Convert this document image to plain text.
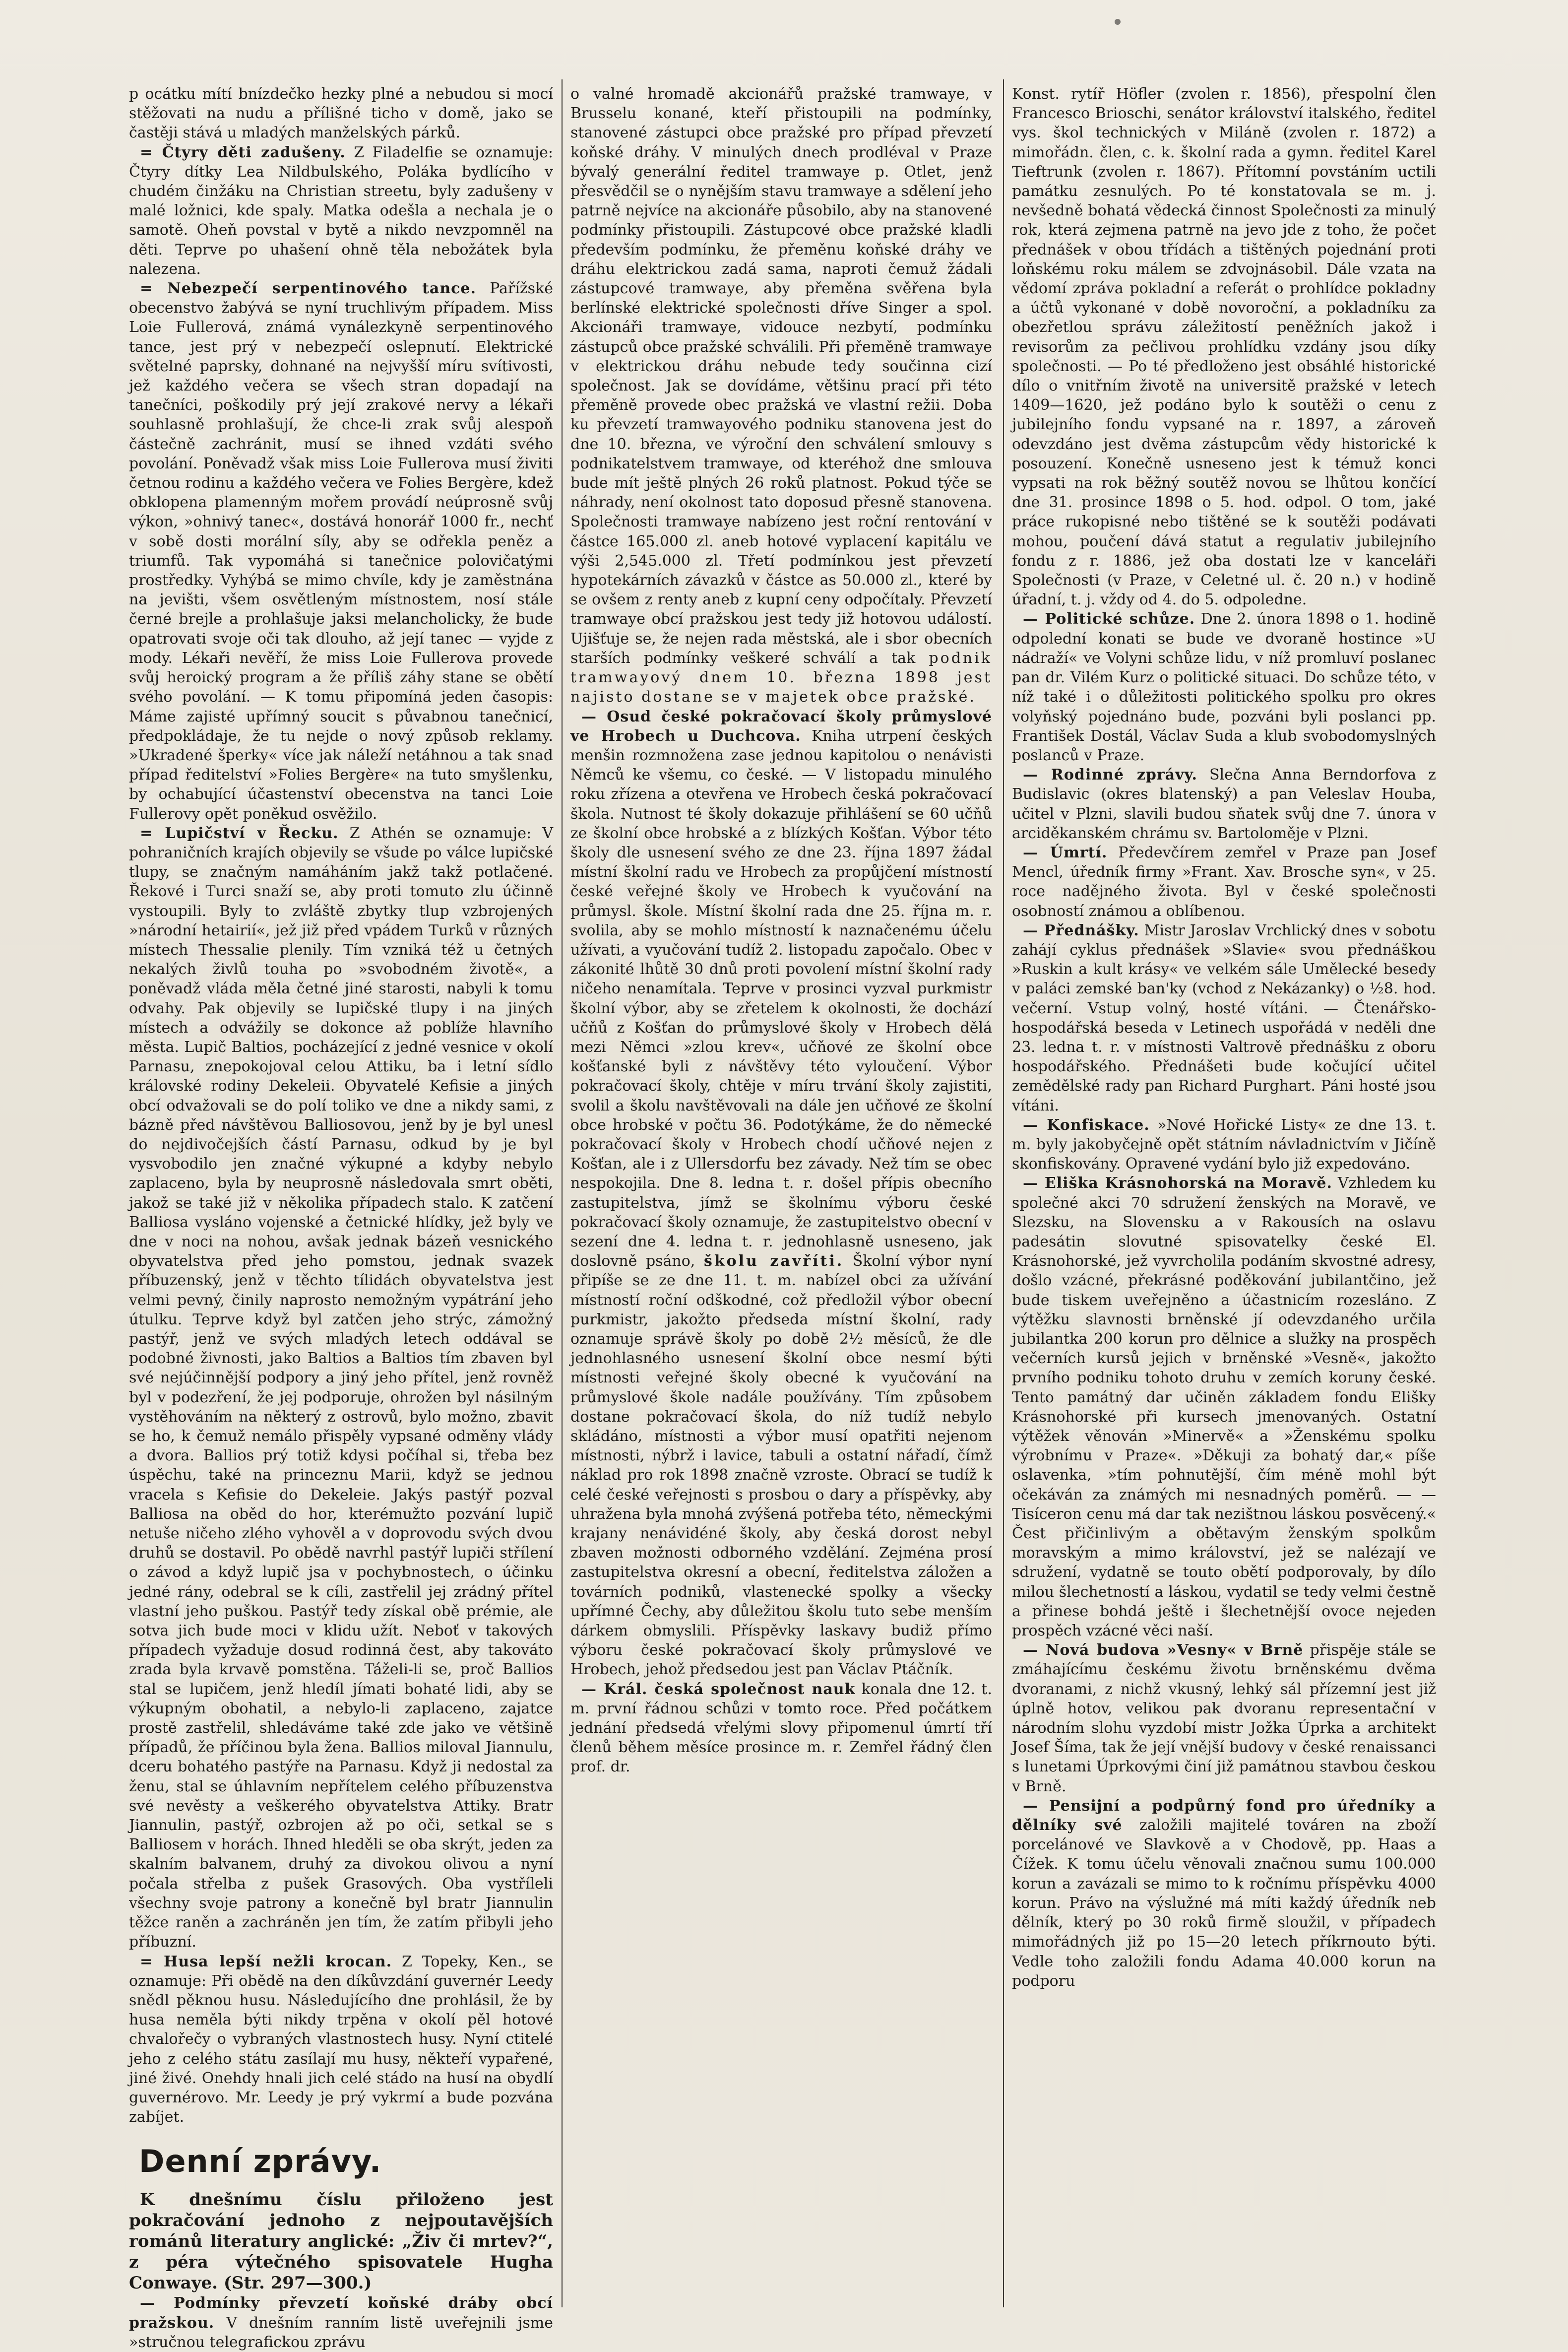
p ocátku mítí bnízdečko hezky plné a nebudou si mocí stěžovati na nudu a přílišné ticho v domě, jako se častěji stává u mladých manželských párků.

= Čtyry děti zadušeny. Z Filadelfie se oznamuje: Čtyry dítky Lea Nildbulského, Poláka bydlícího v chudém činžáku na Christian streetu, byly zadušeny v malé ložnici, kde spaly. Matka odešla a nechala je o samotě. Oheň povstal v bytě a nikdo nevzpomněl na děti. Teprve po uhašení ohně těla nebožátek byla nalezena.

= Nebezpečí serpentinového tance. Pařížské obecenstvo žabývá se nyní truchlivým případem. Miss Loie Fullerová, známá vynálezkyně serpentinového tance, jest prý v nebezpečí oslepnutí. Elektrické světelné paprsky, dohnané na nejvyšší míru svítivosti, jež každého večera se všech stran dopadají na tanečníci, poškodily prý její zrakové nervy a lékaři souhlasně prohlašují, že chce-li zrak svůj alespoň částečně zachránit, musí se ihned vzdáti svého povolání. Poněvadž však miss Loie Fullerova musí živiti četnou rodinu a každého večera ve Folies Bergère, kdež obklopena plamenným mořem provádí neúprosně svůj výkon, »ohnivý tanec«, dostává honorář 1000 fr., nechť v sobě dosti morální síly, aby se odřekla peněz a triumfů. Tak vypomáhá si tanečnice polovičatými prostředky. Vyhýbá se mimo chvíle, kdy je zaměstnána na jevišti, všem osvětleným místnostem, nosí stále černé brejle a prohlašuje jaksi melancholicky, že bude opatrovati svoje oči tak dlouho, až její tanec — vyjde z mody. Lékaři nevěří, že miss Loie Fullerova provede svůj heroický program a že příliš záhy stane se obětí svého povolání. — K tomu připomíná jeden časopis: Máme zajisté upřímný soucit s půvabnou tanečnicí, předpokládaje, že tu nejde o nový způsob reklamy. »Ukradené šperky« více jak náleží netáhnou a tak snad případ ředitelství »Folies Bergère« na tuto smyšlenku, by ochabující účastenství obecenstva na tanci Loie Fullerovy opět poněkud osvěžilo.

= Lupičství v Řecku. Z Athén se oznamuje: V pohraničních krajích objevily se všude po válce lupičské tlupy, se značným namáháním jakž takž potlačené. Řekové i Turci snaží se, aby proti tomuto zlu účinně vystoupili. Byly to zvláště zbytky tlup vzbrojených »národní hetairií«, jež již před vpádem Turků v různých místech Thessalie plenily. Tím vzniká též u četných nekalých živlů touha po »svobodném životě«, a poněvadž vláda měla četné jiné starosti, nabyli k tomu odvahy. Pak objevily se lupičské tlupy i na jiných místech a odvážily se dokonce až poblíže hlavního města. Lupič Baltios, pocházející z jedné vesnice v okolí Parnasu, znepokojoval celou Attiku, ba i letní sídlo královské rodiny Dekeleii. Obyvatelé Kefisie a jiných obcí odvažovali se do polí toliko ve dne a nikdy sami, z bázně před návštěvou Balliosovou, jenž by je byl unesl do nejdivočejších částí Parnasu, odkud by je byl vysvobodilo jen značné výkupné a kdyby nebylo zaplaceno, byla by neuprosně následovala smrt oběti, jakož se také již v několika případech stalo. K zatčení Balliosa vysláno vojenské a četnické hlídky, jež byly ve dne v noci na nohou, avšak jednak bázeň vesnického obyvatelstva před jeho pomstou, jednak svazek příbuzenský, jenž v těchto tílidách obyvatelstva jest velmi pevný, činily naprosto nemožným vypátrání jeho útulku. Teprve když byl zatčen jeho strýc, zámožný pastýř, jenž ve svých mladých letech oddával se podobné živnosti, jako Baltios a Baltios tím zbaven byl své nejúčinnější podpory a jiný jeho přítel, jenž rovněž byl v podezření, že jej podporuje, ohrožen byl násilným vystěhováním na některý z ostrovů, bylo možno, zbavit se ho, k čemuž nemálo přispěly vypsané odměny vlády a dvora. Ballios prý totiž kdysi počíhal si, třeba bez úspěchu, také na princeznu Marii, když se jednou vracela s Kefisie do Dekeleie. Jakýs pastýř pozval Balliosa na oběd do hor, kterémužto pozvání lupič netuše ničeho zlého vyhověl a v doprovodu svých dvou druhů se dostavil. Po obědě navrhl pastýř lupiči střílení o závod a když lupič jsa v pochybnostech, o účinku jedné rány, odebral se k cíli, zastřelil jej zrádný přítel vlastní jeho puškou. Pastýř tedy získal obě prémie, ale sotva jich bude moci v klidu užít. Neboť v takových případech vyžaduje dosud rodinná čest, aby takováto zrada byla krvavě pomstěna. Táželi-li se, proč Ballios stal se lupičem, jenž hledíl jímati bohaté lidi, aby se výkupným obohatil, a nebylo-li zaplaceno, zajatce prostě zastřelil, shledáváme také zde jako ve většině případů, že příčinou byla žena. Ballios miloval Jiannulu, dceru bohatého pastýře na Parnasu. Když ji nedostal za ženu, stal se úhlavním nepřítelem celého příbuzenstva své nevěsty a veškerého obyvatelstva Attiky. Bratr Jiannulin, pastýř, ozbrojen až po oči, setkal se s Balliosem v horách. Ihned hleděli se oba skrýt, jeden za skalním balvanem, druhý za divokou olivou a nyní počala střelba z pušek Grasových. Oba vystříleli všechny svoje patrony a konečně byl bratr Jiannulin těžce raněn a zachráněn jen tím, že zatím přibyli jeho příbuzní.

= Husa lepší nežli krocan. Z Topeky, Ken., se oznamuje: Při obědě na den díkůvzdání guvernér Leedy snědl pěknou husu. Následujícího dne prohlásil, že by husa neměla býti nikdy trpěna v okolí pěl hotové chvalořečy o vybraných vlastnostech husy. Nyní ctitelé jeho z celého státu zasílají mu husy, někteří vypařené, jiné živé. Onehdy hnali jich celé stádo na husí na obydlí guvernérovo. Mr. Leedy je prý vykrmí a bude pozvána zabíjet.

Denní zprávy.

K dnešnímu číslu přiloženo jest pokračování jednoho z nejpoutavějších románů literatury anglické: „Živ či mrtev?“, z péra výtečného spisovatele Hugha Conwaye. (Str. 297—300.)

— Podmínky převzetí koňské dráby obcí pražskou. V dnešním ranním listě uveřejnili jsme »stručnou telegrafickou zprávu

o valné hromadě akcionářů pražské tramwaye, v Brusselu konané, kteří přistoupili na podmínky, stanovené zástupci obce pražské pro případ převzetí koňské dráhy. V minulých dnech prodléval v Praze bývalý generální ředitel tramwaye p. Otlet, jenž přesvědčil se o nynějším stavu tramwaye a sdělení jeho patrně nejvíce na akcionáře působilo, aby na stanovené podmínky přistoupili. Zástupcové obce pražské kladli především podmínku, že přeměnu koňské dráhy ve dráhu elektrickou zadá sama, naproti čemuž žádali zástupcové tramwaye, aby přeměna svěřena byla berlínské elektrické společnosti dříve Singer a spol. Akcionáři tramwaye, vidouce nezbytí, podmínku zástupců obce pražské schválili. Při přeměně tramwaye v elektrickou dráhu nebude tedy součinna cizí společnost. Jak se dovídáme, většinu prací při této přeměně provede obec pražská ve vlastní režii. Doba ku převzetí tramwayového podniku stanovena jest do dne 10. března, ve výroční den schválení smlouvy s podnikatelstvem tramwaye, od kteréhož dne smlouva bude mít ještě plných 26 roků platnost. Pokud týče se náhrady, není okolnost tato doposud přesně stanovena. Společnosti tramwaye nabízeno jest roční rentování v částce 165.000 zl. aneb hotové vyplacení kapitálu ve výši 2,545.000 zl. Třetí podmínkou jest převzetí hypotekárních závazků v částce as 50.000 zl., které by se ovšem z renty aneb z kupní ceny odpočítaly. Převzetí tramwaye obcí pražskou jest tedy již hotovou událostí. Ujišťuje se, že nejen rada městská, ale i sbor obecních starších podmínky veškeré schválí a tak podnik tramwayový dnem 10. března 1898 jest najisto dostane se v majetek obce pražské.

— Osud české pokračovací školy průmyslové ve Hrobech u Duchcova. Kniha utrpení českých menšin rozmnožena zase jednou kapitolou o nenávisti Němců ke všemu, co české. — V listopadu minulého roku zřízena a otevřena ve Hrobech česká pokračovací škola. Nutnost té školy dokazuje přihlášení se 60 učňů ze školní obce hrobské a z blízkých Košťan. Výbor této školy dle usnesení svého ze dne 23. října 1897 žádal místní školní radu ve Hrobech za propůjčení místností české veřejné školy ve Hrobech k vyučování na průmysl. škole. Místní školní rada dne 25. října m. r. svolila, aby se mohlo místností k naznačenému účelu užívati, a vyučování tudíž 2. listopadu započalo. Obec v zákonité lhůtě 30 dnů proti povolení místní školní rady ničeho nenamítala. Teprve v prosinci vyzval purkmistr školní výbor, aby se zřetelem k okolnosti, že dochází učňů z Košťan do průmyslové školy v Hrobech dělá mezi Němci »zlou krev«, učňové ze školní obce košťanské byli z návštěvy této vyloučení. Výbor pokračovací školy, chtěje v míru trvání školy zajistiti, svolil a školu navštěvovali na dále jen učňové ze školní obce hrobské v počtu 36. Podotýkáme, že do německé pokračovací školy v Hrobech chodí učňové nejen z Košťan, ale i z Ullersdorfu bez závady. Než tím se obec nespokojila. Dne 8. ledna t. r. došel přípis obecního zastupitelstva, jímž se školnímu výboru české pokračovací školy oznamuje, že zastupitelstvo obecní v sezení dne 4. ledna t. r. jednohlasně usneseno, jak doslovně psáno, školu zavříti. Školní výbor nyní připíše se ze dne 11. t. m. nabízel obci za užívání místností roční odškodné, což předložil výbor obecní purkmistr, jakožto předseda místní školní, rady oznamuje správě školy po době 2½ měsíců, že dle jednohlasného usnesení školní obce nesmí býti místnosti veřejné školy obecné k vyučování na průmyslové škole nadále používány. Tím způsobem dostane pokračovací škola, do níž tudíž nebylo skládáno, místnosti a výbor musí opatřiti nejenom místnosti, nýbrž i lavice, tabuli a ostatní nářadí, čímž náklad pro rok 1898 značně vzroste. Obrací se tudíž k celé české veřejnosti s prosbou o dary a příspěvky, aby uhražena byla mnohá zvýšená potřeba této, německými krajany nenávidéné školy, aby česká dorost nebyl zbaven možnosti odborného vzdělání. Zejména prosí zastupitelstva okresní a obecní, ředitelstva záložen a továrních podniků, vlastenecké spolky a všecky upřímné Čechy, aby důležitou školu tuto sebe menším dárkem obmyslili. Příspěvky laskavy budiž přímo výboru české pokračovací školy průmyslové ve Hrobech, jehož předsedou jest pan Václav Ptáčník.

— Král. česká společnost nauk konala dne 12. t. m. první řádnou schůzi v tomto roce. Před počátkem jednání předsedá vřelými slovy připomenul úmrtí tří členů během měsíce prosince m. r. Zemřel řádný člen prof. dr.

Konst. rytíř Höfler (zvolen r. 1856), přespolní člen Francesco Brioschi, senátor království italského, ředitel vys. škol technických v Miláně (zvolen r. 1872) a mimořádn. člen, c. k. školní rada a gymn. ředitel Karel Tieftrunk (zvolen r. 1867). Přítomní povstáním uctili památku zesnulých. Po té konstatovala se m. j. nevšedně bohatá vědecká činnost Společnosti za minulý rok, která zejmena patrně na jevo jde z toho, že počet přednášek v obou třídách a tištěných pojednání proti loňskému roku málem se zdvojnásobil. Dále vzata na vědomí zpráva pokladní a referát o prohlídce pokladny a účtů vykonané v době novoroční, a pokladníku za obezřetlou správu záležitostí peněžních jakož i revisorům za pečlivou prohlídku vzdány jsou díky společnosti. — Po té předloženo jest obsáhlé historické dílo o vnitřním životě na universitě pražské v letech 1409—1620, jež podáno bylo k soutěži o cenu z jubilejního fondu vypsané na r. 1897, a zároveň odevzdáno jest dvěma zástupcům vědy historické k posouzení. Konečně usneseno jest k témuž konci vypsati na rok běžný soutěž novou se lhůtou končící dne 31. prosince 1898 o 5. hod. odpol. O tom, jaké práce rukopisné nebo tištěné se k soutěži podávati mohou, poučení dává statut a regulativ jubilejního fondu z r. 1886, jež oba dostati lze v kanceláři Společnosti (v Praze, v Celetné ul. č. 20 n.) v hodině úřadní, t. j. vždy od 4. do 5. odpoledne.

— Politické schůze. Dne 2. února 1898 o 1. hodině odpolední konati se bude ve dvoraně hostince »U nádraží« ve Volyni schůze lidu, v níž promluví poslanec pan dr. Vilém Kurz o politické situaci. Do schůze této, v níž také i o důležitosti politického spolku pro okres volyňský pojednáno bude, pozváni byli poslanci pp. František Dostál, Václav Suda a klub svobodomyslných poslanců v Praze.

— Rodinné zprávy. Slečna Anna Berndorfova z Budislavic (okres blatenský) a pan Veleslav Houba, učitel v Plzni, slavili budou sňatek svůj dne 7. února v arciděkanském chrámu sv. Bartoloměje v Plzni.

— Úmrtí. Předevčírem zemřel v Praze pan Josef Mencl, úředník firmy »Frant. Xav. Brosche syn«, v 25. roce nadějného života. Byl v české společnosti osobností známou a oblíbenou.

— Přednášky. Mistr Jaroslav Vrchlický dnes v sobotu zahájí cyklus přednášek »Slavie« svou přednáškou »Ruskin a kult krásy« ve velkém sále Umělecké besedy v paláci zemské ban'ky (vchod z Nekázanky) o ½8. hod. večerní. Vstup volný, hosté vítáni. — Čtenářsko-hospodářská beseda v Letinech uspořádá v neděli dne 23. ledna t. r. v místnosti Valtrově přednášku z oboru hospodářského. Přednášeti bude kočující učitel zemědělské rady pan Richard Purghart. Páni hosté jsou vítáni.

— Konfiskace. »Nové Hořické Listy« ze dne 13. t. m. byly jakobyčejně opět státním návladnictvím v Jičíně skonfiskovány. Opravené vydání bylo již expedováno.

— Eliška Krásnohorská na Moravě. Vzhledem ku společné akci 70 sdružení ženských na Moravě, ve Slezsku, na Slovensku a v Rakousích na oslavu padesátin slovutné spisovatelky české El. Krásnohorské, jež vyvrcholila podáním skvostné adresy, došlo vzácné, překrásné poděkování jubilantčino, jež bude tiskem uveřejněno a účastnicím rozesláno. Z výtěžku slavnosti brněnské jí odevzdaného určila jubilantka 200 korun pro dělnice a služky na prospěch večerních kursů jejich v brněnské »Vesně«, jakožto prvního podniku tohoto druhu v zemích koruny české. Tento památný dar učiněn základem fondu Elišky Krásnohorské při kursech jmenovaných. Ostatní výtěžek věnován »Minervě« a »Ženskému spolku výrobnímu v Praze«. »Děkuji za bohatý dar,« píše oslavenka, »tím pohnutější, čím méně mohl být očekáván za známých mi nesnadných poměrů. — — Tisíceron cenu má dar tak nezištnou láskou posvěcený.« Čest přičinlivým a obětavým ženským spolkům moravským a mimo království, jež se nalézají ve sdružení, vydatně se touto obětí podporovaly, by dílo milou šlechetností a láskou, vydatil se tedy velmi čestně a přinese bohdá ještě i šlechetnější ovoce nejeden prospěch vzácné věci naší.

— Nová budova »Vesny« v Brně přispěje stále se zmáhajícímu českému životu brněnskému dvěma dvoranami, z nichž vkusný, lehký sál přízemní jest již úplně hotov, velikou pak dvoranu representační v národním slohu vyzdobí mistr Jožka Úprka a architekt Josef Šíma, tak že její vnější budovy v české renaissanci s lunetami Úprkovými činí již památnou stavbou českou v Brně.

— Pensijní a podpůrný fond pro úředníky a dělníky své založili majitelé továren na zboží porcelánové ve Slavkově a v Chodově, pp. Haas a Čížek. K tomu účelu věnovali značnou sumu 100.000 korun a zavázali se mimo to k ročnímu příspěvku 4000 korun. Právo na výslužné má míti každý úředník neb dělník, který po 30 roků firmě sloužil, v případech mimořádných již po 15—20 letech příkrnouto býti. Vedle toho založili fondu Adama 40.000 korun na podporu
